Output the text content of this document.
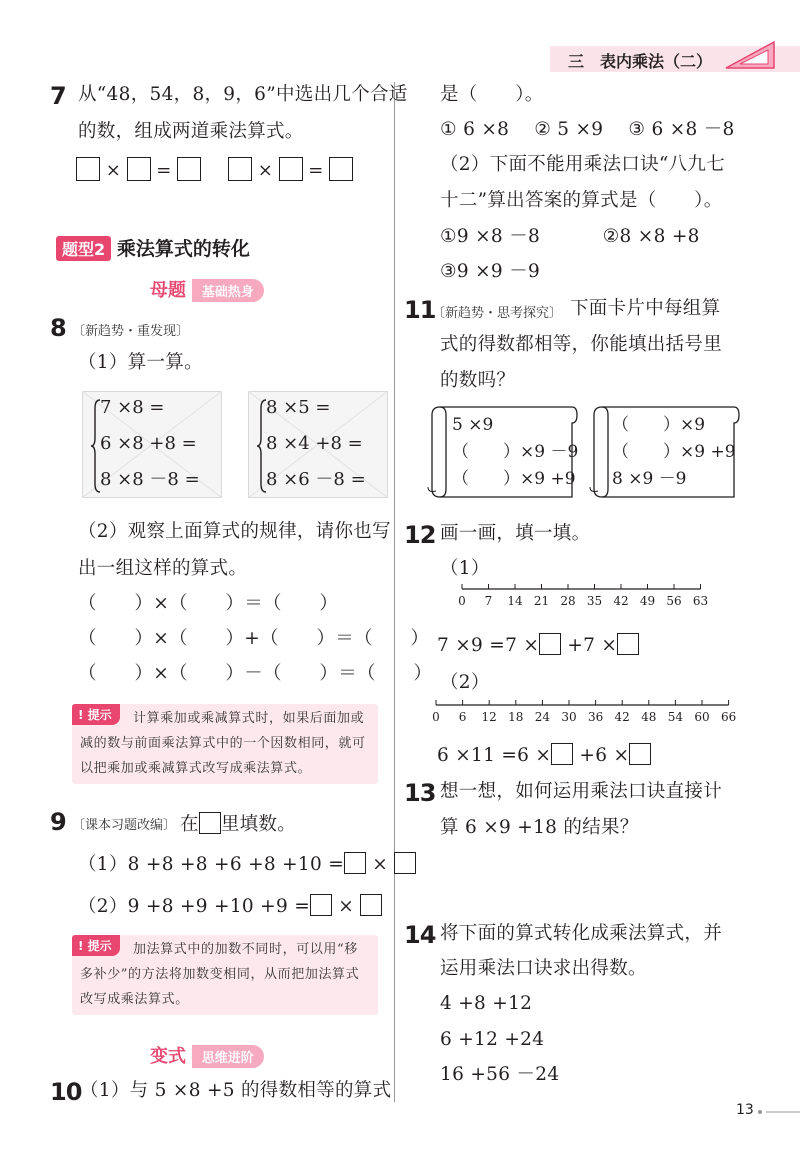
三　表内乘法（二）
7 从“48，54，8，9，6”中选出几个合适
的数，组成两道乘法算式。
× =	× =
题型2 乘法算式的转化
母题 基础热身
8 〔新趋势・重发现〕
（1）算一算。
7 ×8 =
6 ×8 +8 =
8 ×8 －8 =
8 ×5 =
8 ×4 +8 =
8 ×6 －8 =
（2）观察上面算式的规律，请你也写
出一组这样的算式。
（　　）×（　　）＝（　　）
（　　）×（　　）+（　　）＝（　　）
（　　）×（　　）－（　　）＝（　　）
! 提示	计算乘加或乘减算式时，如果后面加或
减的数与前面乘法算式中的一个因数相同，就可
以把乘加或乘减算式改写成乘法算式。
9 〔课本习题改编〕 在 里填数。
（1）8 +8 +8 +6 +8 +10 = ×
（2）9 +8 +9 +10 +9 = ×
! 提示	加法算式中的加数不同时，可以用“移
多补少”的方法将加数变相同，从而把加法算式
改写成乘法算式。
变式 思维进阶
10
（1）与 5 ×8 +5 的得数相等的算式
是（　　）。
① 6 ×8　 ② 5 ×9　 ③ 6 ×8 －8
（2）下面不能用乘法口诀“八九七
十二”算出答案的算式是（　　）。
①9 ×8 －8　　　	②8 ×8 +8
③9 ×9 －9
11
〔新趋势・思考探究〕 下面卡片中每组算
式的得数都相等，你能填出括号里
的数吗？
5 ×9
（　　）×9 －9
（　　）×9 +9
（　　）×9
（　　）×9 +9
8 ×9 －9
12 画一画，填一填。
（1）
0 7 14 21 28 35 42 49 56 63
7 ×9 =7 × +7 ×
（2）
0 6 12 18 24 30 36 42 48 54 60 66
6 ×11 =6 × +6 ×
13 想一想，如何运用乘法口诀直接计
算 6 ×9 +18 的结果？
14 将下面的算式转化成乘法算式，并
运用乘法口诀求出得数。
4 +8 +12
6 +12 +24
16 +56 －24
13
